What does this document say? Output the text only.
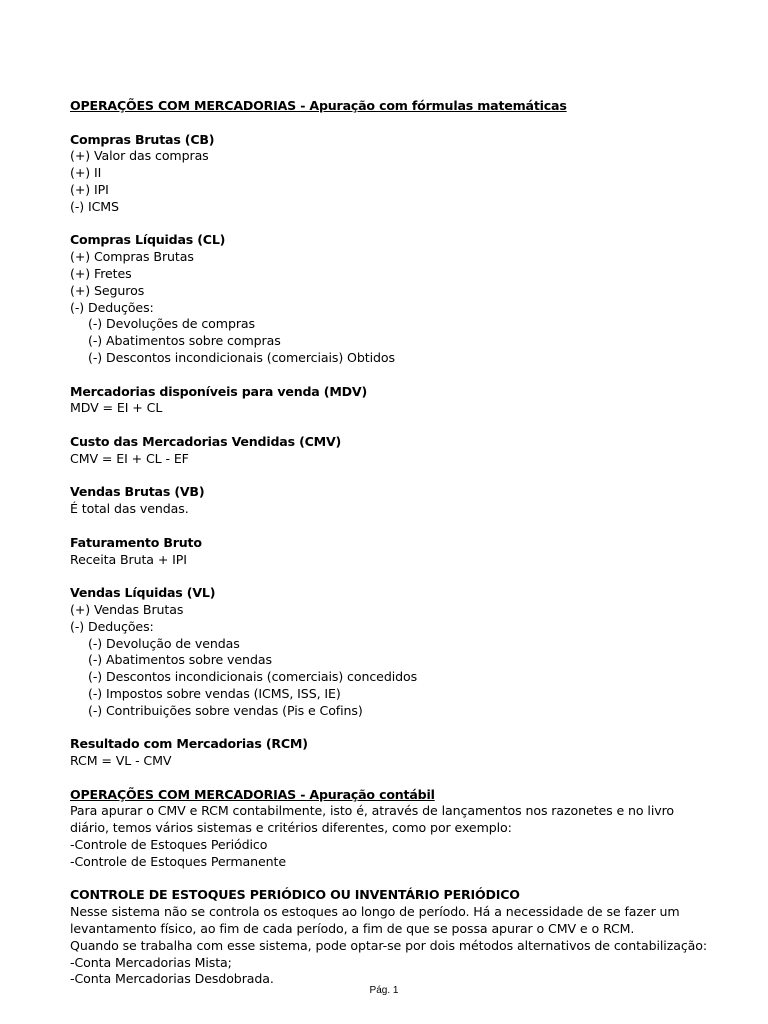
OPERAÇÕES COM MERCADORIAS - Apuração com fórmulas matemáticas
Compras Brutas (CB)
(+) Valor das compras
(+) II
(+) IPI
(-) ICMS
Compras Líquidas (CL)
(+) Compras Brutas
(+) Fretes
(+) Seguros
(-) Deduções:
(-) Devoluções de compras
(-) Abatimentos sobre compras
(-) Descontos incondicionais (comerciais) Obtidos
Mercadorias disponíveis para venda (MDV)
MDV = EI + CL
Custo das Mercadorias Vendidas (CMV)
CMV = EI + CL - EF
Vendas Brutas (VB)
É total das vendas.
Faturamento Bruto
Receita Bruta + IPI
Vendas Líquidas (VL)
(+) Vendas Brutas
(-) Deduções:
(-) Devolução de vendas
(-) Abatimentos sobre vendas
(-) Descontos incondicionais (comerciais) concedidos
(-) Impostos sobre vendas (ICMS, ISS, IE)
(-) Contribuições sobre vendas (Pis e Cofins)
Resultado com Mercadorias (RCM)
RCM = VL - CMV
OPERAÇÕES COM MERCADORIAS - Apuração contábil
Para apurar o CMV e RCM contabilmente, isto é, através de lançamentos nos razonetes e no livro
diário, temos vários sistemas e critérios diferentes, como por exemplo:
-Controle de Estoques Periódico
-Controle de Estoques Permanente
CONTROLE DE ESTOQUES PERIÓDICO OU INVENTÁRIO PERIÓDICO
Nesse sistema não se controla os estoques ao longo de período. Há a necessidade de se fazer um
levantamento físico, ao fim de cada período, a fim de que se possa apurar o CMV e o RCM.
Quando se trabalha com esse sistema, pode optar-se por dois métodos alternativos de contabilização:
-Conta Mercadorias Mista;
-Conta Mercadorias Desdobrada.
Pág. 1
